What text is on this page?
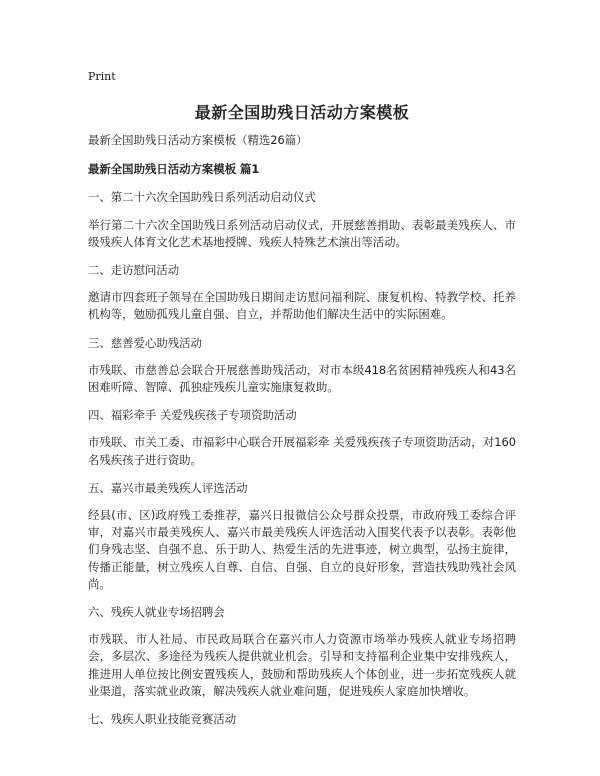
Print
最新全国助残日活动方案模板

最新全国助残日活动方案模板（精选26篇）

最新全国助残日活动方案模板 篇1

一、第二十六次全国助残日系列活动启动仪式

举行第二十六次全国助残日系列活动启动仪式，开展慈善捐助、表彰最美残疾人、市级残疾人体育文化艺术基地授牌、残疾人特殊艺术演出等活动。

二、走访慰问活动

邀请市四套班子领导在全国助残日期间走访慰问福利院、康复机构、特教学校、托养机构等，勉励孤残儿童自强、自立，并帮助他们解决生活中的实际困难。

三、慈善爱心助残活动

市残联、市慈善总会联合开展慈善助残活动，对市本级418名贫困精神残疾人和43名困难听障、智障、孤独症残疾儿童实施康复救助。

四、福彩牵手 关爱残疾孩子专项资助活动

市残联、市关工委、市福彩中心联合开展福彩牵 关爱残疾孩子专项资助活动，对160名残疾孩子进行资助。

五、嘉兴市最美残疾人评选活动

经县(市、区)政府残工委推荐，嘉兴日报微信公众号群众投票，市政府残工委综合评审，对嘉兴市最美残疾人、嘉兴市最美残疾人评选活动入围奖代表予以表彰。表彰他们身残志坚、自强不息、乐于助人、热爱生活的先进事迹，树立典型，弘扬主旋律，传播正能量，树立残疾人自尊、自信、自强、自立的良好形象，营造扶残助残社会风尚。

六、残疾人就业专场招聘会

市残联、市人社局、市民政局联合在嘉兴市人力资源市场举办残疾人就业专场招聘会，多层次、多途径为残疾人提供就业机会。引导和支持福利企业集中安排残疾人，推进用人单位按比例安置残疾人，鼓励和帮助残疾人个体创业，进一步拓宽残疾人就业渠道，落实就业政策，解决残疾人就业难问题，促进残疾人家庭加快增收。

七、残疾人职业技能竞赛活动
